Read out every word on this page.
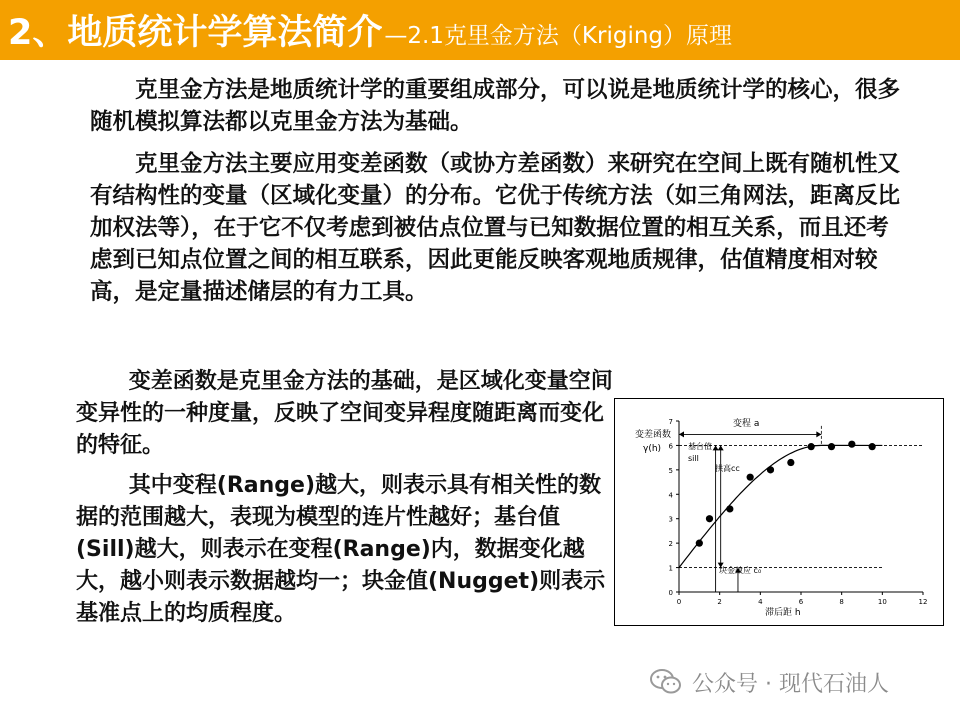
2、地质统计学算法简介 —2.1克里金方法（Kriging）原理

克里金方法是地质统计学的重要组成部分，可以说是地质统计学的核心，很多随机模拟算法都以克里金方法为基础。

克里金方法主要应用变差函数（或协方差函数）来研究在空间上既有随机性又有结构性的变量（区域化变量）的分布。它优于传统方法（如三角网法，距离反比加权法等），在于它不仅考虑到被估点位置与已知数据位置的相互关系，而且还考虑到已知点位置之间的相互联系，因此更能反映客观地质规律，估值精度相对较高，是定量描述储层的有力工具。

变差函数是克里金方法的基础，是区域化变量空间变异性的一种度量，反映了空间变异程度随距离而变化的特征。

其中变程(Range)越大，则表示具有相关性的数据的范围越大，表现为模型的连片性越好；基台值(Sill)越大，则表示在变程(Range)内，数据变化越大，越小则表示数据越均一；块金值(Nugget)则表示基准点上的均质程度。

0
1
2
3
4
5
6
7
0	2	4	6	8	10	12
变差函数
γ(h)
滞后距 h
变程 a
基台值
sill
拱高cc
块金效应 c₀
公众号 · 现代石油人
